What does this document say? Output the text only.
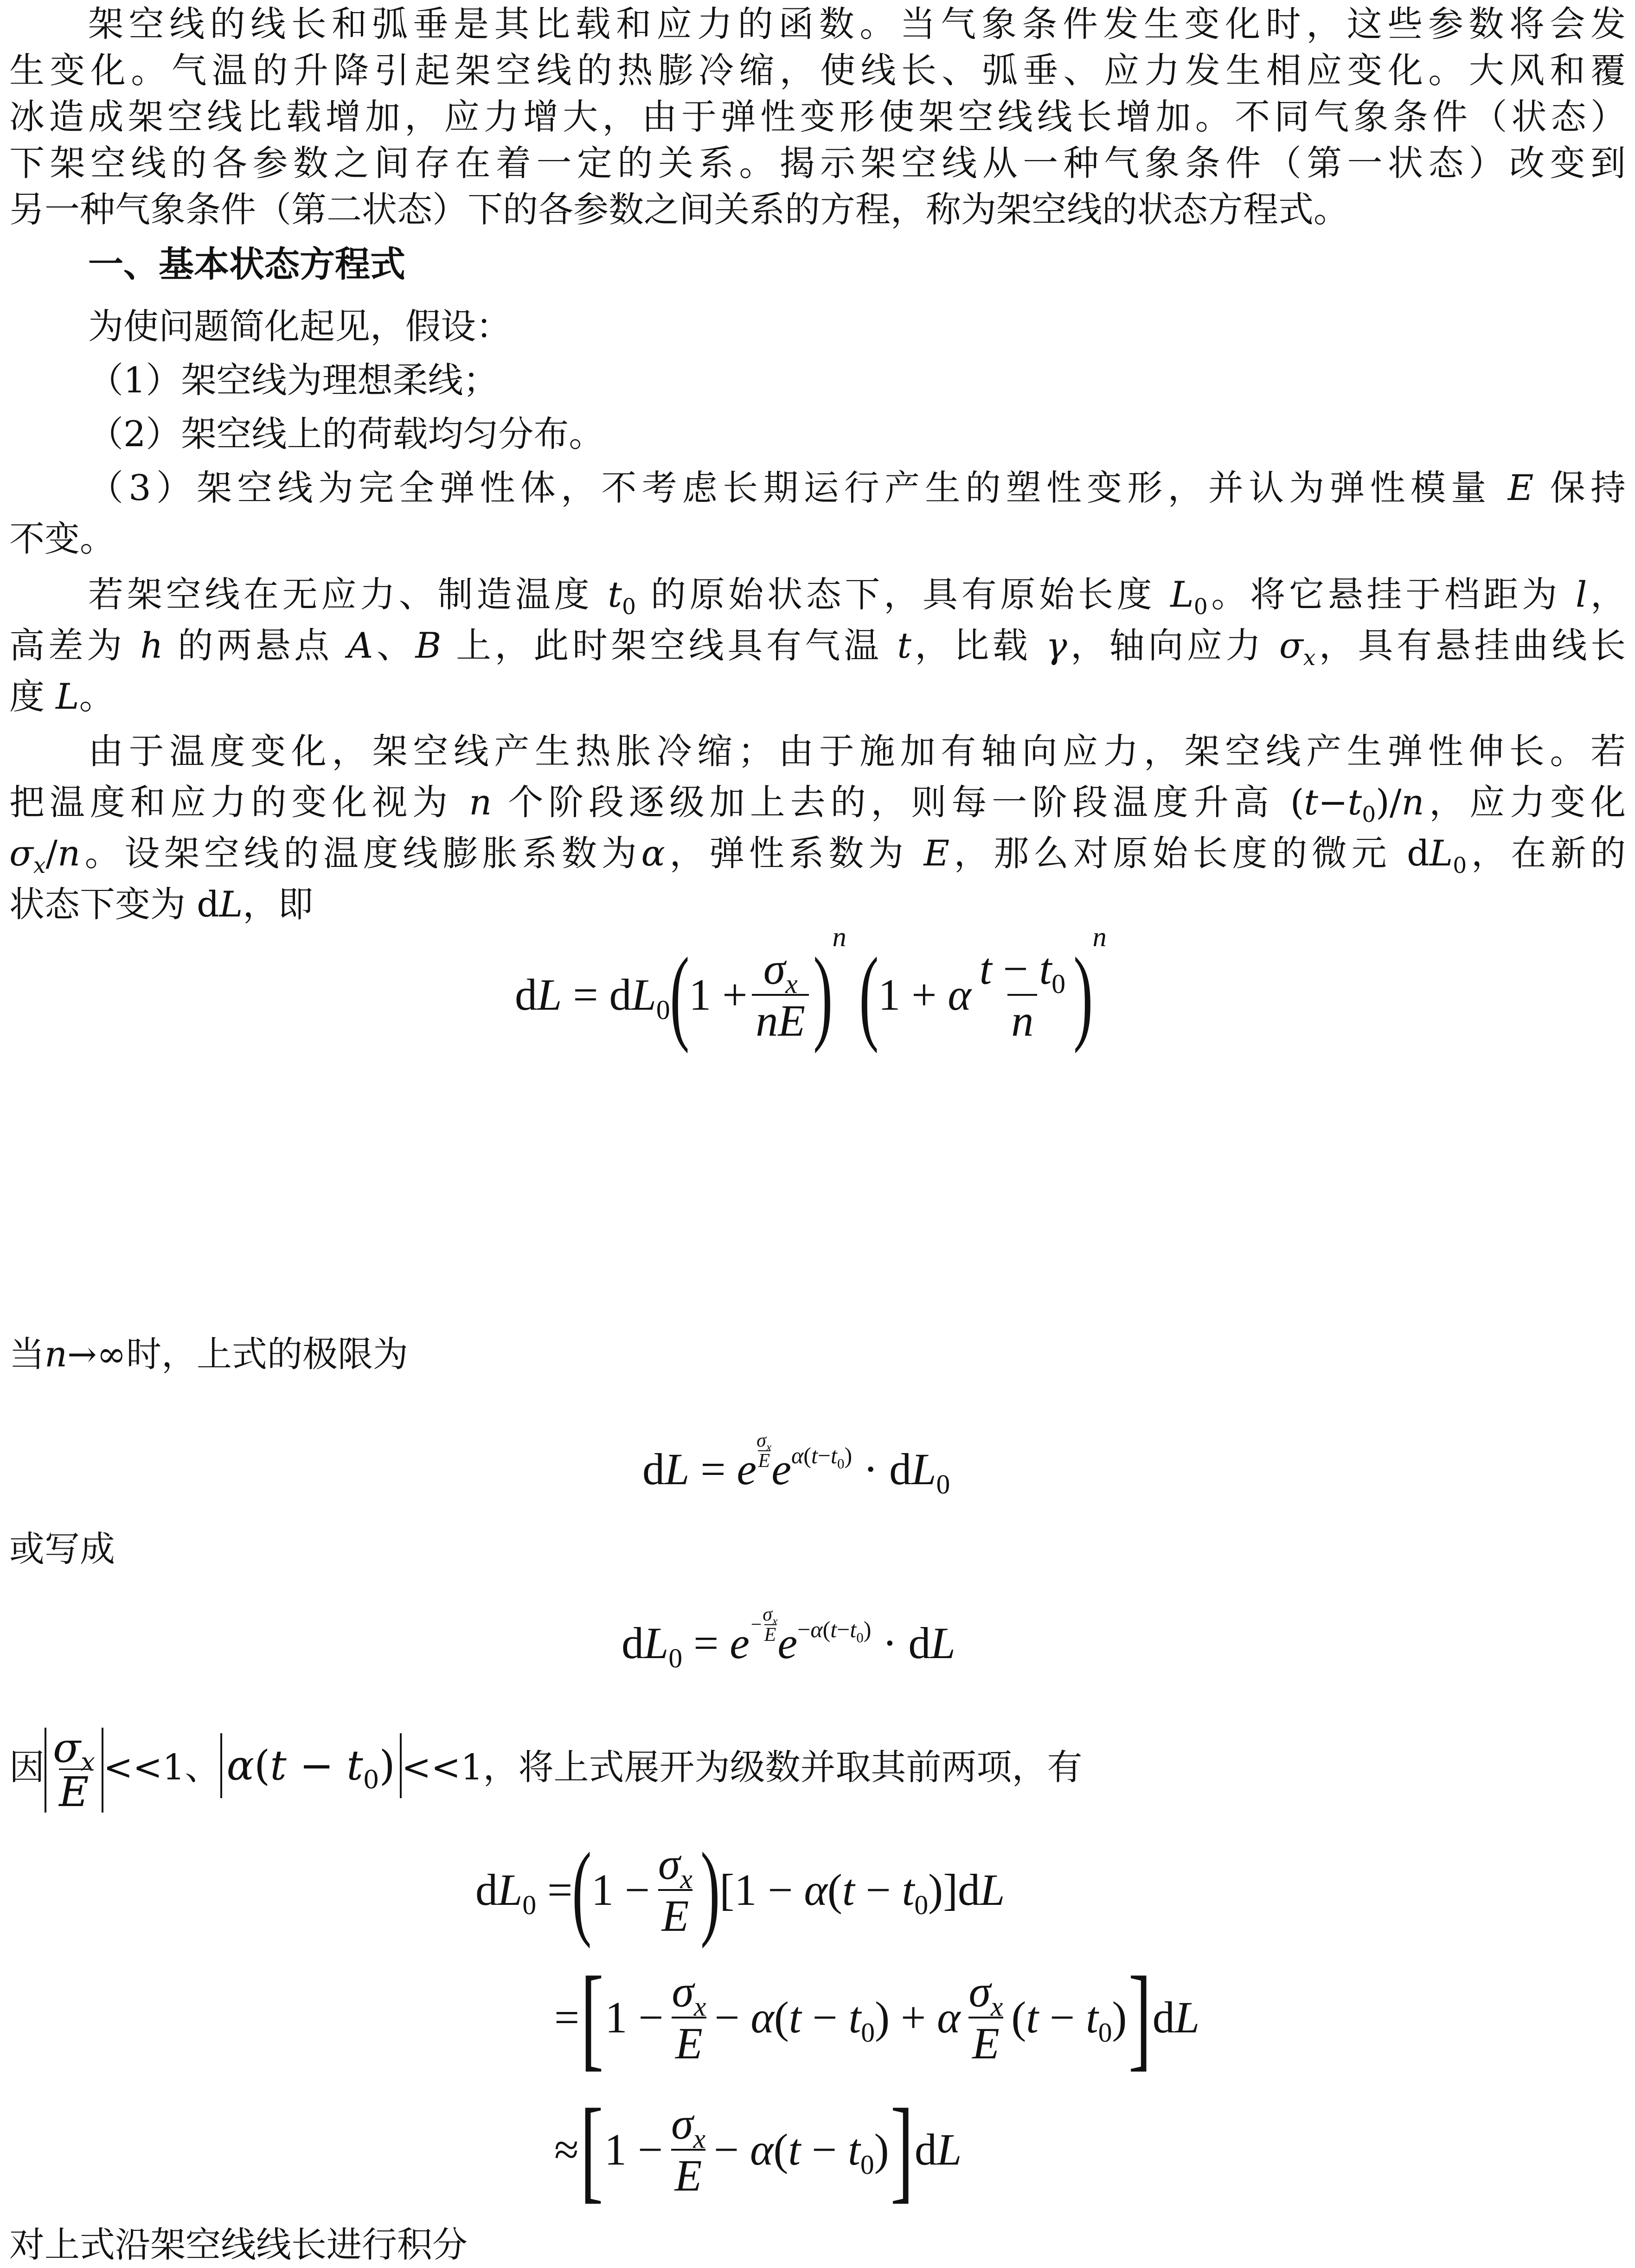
架空线的线长和弧垂是其比载和应力的函数。当气象条件发生变化时，这些参数将会发

生变化。气温的升降引起架空线的热膨冷缩，使线长、弧垂、应力发生相应变化。大风和覆

冰造成架空线比载增加，应力增大，由于弹性变形使架空线线长增加。不同气象条件（状态）

下架空线的各参数之间存在着一定的关系。揭示架空线从一种气象条件（第一状态）改变到

另一种气象条件（第二状态）下的各参数之间关系的方程，称为架空线的状态方程式。

一、基本状态方程式

为使问题简化起见，假设：

（1）架空线为理想柔线；

（2）架空线上的荷载均匀分布。

（3）架空线为完全弹性体，不考虑长期运行产生的塑性变形，并认为弹性模量 E 保持

不变。

若架空线在无应力、制造温度 $t_0$ 的原始状态下，具有原始长度 $L_0$。将它悬挂于档距为 l，

高差为 h 的两悬点 A、B 上，此时架空线具有气温 t，比载 γ，轴向应力 $\sigma_x$，具有悬挂曲线长

度 L。

由于温度变化，架空线产生热胀冷缩；由于施加有轴向应力，架空线产生弹性伸长。若

把温度和应力的变化视为 n 个阶段逐级加上去的，则每一阶段温度升高 $(t-t_0)/n$，应力变化

$\sigma_x/n$。设架空线的温度线膨胀系数为α，弹性系数为 E，那么对原始长度的微元 $dL_0$，在新的

状态下变为 dL，即

dL = $dL_0$ ( $1 + \frac{\sigma_x}{nE}$ ) n ( 1 + α $\frac{t - t_0}{n}$ ) n

当n→∞时，上式的极限为

dL = e
$\sigma_x$
E e $\alpha(t-t_0) \cdot dL_0$

或写成

$dL_0 = e - \frac{\sigma_x}{E}$ $e -\alpha(t-t_0)$ · dL
因 $\frac{\sigma_x}{E} <<1$、 $\alpha(t - t_0) <<1$，将上式展开为级数并取其前两项，有
$dL_0$ = ( $1 - \frac{\sigma_x}{E}$ ) $[1 - \alpha(t - t_0)]dL$
= [ $1 - \frac{\sigma_x}{E} - \alpha(t - t_0) + \alpha \frac{\sigma_x}{E} (t - t_0)$ ] dL
≈ [ $1 - \frac{\sigma_x}{E} - \alpha(t - t_0)$ ] dL

对上式沿架空线线长进行积分
